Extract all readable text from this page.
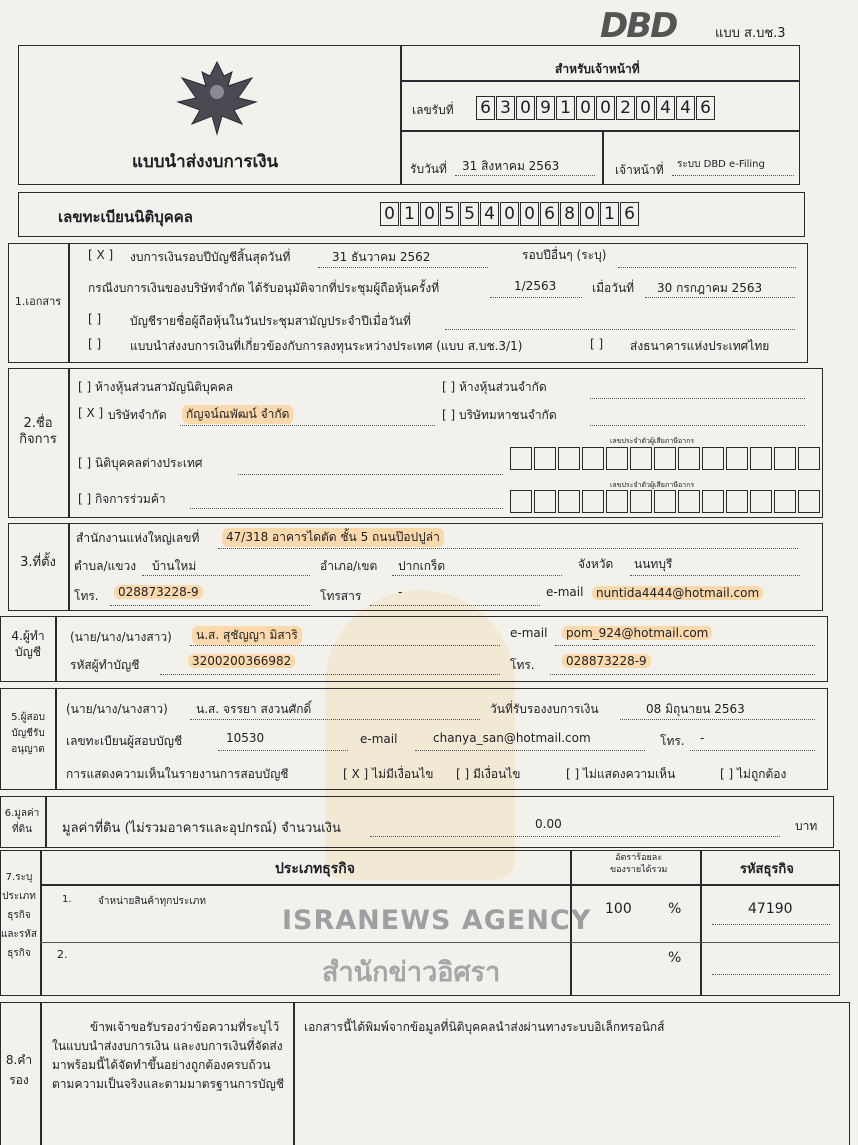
DBD	แบบ ส.บช.3
แบบนำส่งงบการเงิน
สำหรับเจ้าหน้าที่
เลขรับที่ 6 3 0 9 1 0 0 2 0 4 4 6
รับวันที่ 31 สิงหาคม 2563	เจ้าหน้าที่ ระบบ DBD e-Filing
เลขทะเบียนนิติบุคคล	0 1 0 5 5 4 0 0 6 8 0 1 6
1.เอกสาร
[ X ] งบการเงินรอบปีบัญชีสิ้นสุดวันที่	31 ธันวาคม 2562	รอบปีอื่นๆ (ระบุ)
กรณีงบการเงินของบริษัทจำกัด ได้รับอนุมัติจากที่ประชุมผู้ถือหุ้นครั้งที่	1/2563	เมื่อวันที่ 30 กรกฎาคม 2563
[ ] บัญชีรายชื่อผู้ถือหุ้นในวันประชุมสามัญประจำปีเมื่อวันที่
[ ] แบบนำส่งงบการเงินที่เกี่ยวข้องกับการลงทุนระหว่างประเทศ (แบบ ส.บช.3/1)	[ ] ส่งธนาคารแห่งประเทศไทย
2.ชื่อ
กิจการ
[ ] ห้างหุ้นส่วนสามัญนิติบุคคล	[ ] ห้างหุ้นส่วนจำกัด
[ X ] บริษัทจำกัด	กัญจน์ณพัฒน์ จำกัด	[ ] บริษัทมหาชนจำกัด
เลขประจำตัวผู้เสียภาษีอากร
[ ] นิติบุคคลต่างประเทศ
เลขประจำตัวผู้เสียภาษีอากร
[ ] กิจการร่วมค้า
3.ที่ตั้ง
สำนักงานแห่งใหญ่เลขที่	47/318 อาคารไดตัด ชั้น 5 ถนนป๊อปปูล่า
ตำบล/แขวง บ้านใหม่	อำเภอ/เขต ปากเกร็ด	จังหวัด นนทบุรี
โทร.	028873228-9	โทรสาร	-	e-mail	nuntida4444@hotmail.com
4.ผู้ทำ
บัญชี
(นาย/นาง/นางสาว)	น.ส. สุชัญญา มิสาริ	e-mail	pom_924@hotmail.com
รหัสผู้ทำบัญชี	3200200366982	โทร.	028873228-9
5.ผู้สอบ
บัญชีรับ
อนุญาต
(นาย/นาง/นางสาว) น.ส. จรรยา สงวนศักดิ์	วันที่รับรองงบการเงิน	08 มิถุนายน 2563
เลขทะเบียนผู้สอบบัญชี	10530	e-mail	chanya_san@hotmail.com	โทร. -
การแสดงความเห็นในรายงานการสอบบัญชี	[ X ] ไม่มีเงื่อนไข [ ] มีเงื่อนไข	[ ] ไม่แสดงความเห็น	[ ] ไม่ถูกต้อง
6.มูลค่า
ที่ดิน	มูลค่าที่ดิน (ไม่รวมอาคารและอุปกรณ์) จำนวนเงิน	0.00	บาท
7.ระบุ
ประเภท
ธุรกิจ
และรหัส
ธุรกิจ
ประเภทธุรกิจ
อัตราร้อยละ
ของรายได้รวม	รหัสธุรกิจ
1.	จำหน่ายสินค้าทุกประเภท	100	%	47190
2.	%
ISRANEWS AGENCY
สำนักข่าวอิศรา
8.คำ
รอง
ข้าพเจ้าขอรับรองว่าข้อความที่ระบุไว้ในแบบนำส่งงบการเงิน และงบการเงินที่จัดส่งมาพร้อมนี้ได้จัดทำขึ้นอย่างถูกต้องครบถ้วน ตามความเป็นจริงและตามมาตรฐานการบัญชี
เอกสารนี้ได้พิมพ์จากข้อมูลที่นิติบุคคลนำส่งผ่านทางระบบอิเล็กทรอนิกส์
